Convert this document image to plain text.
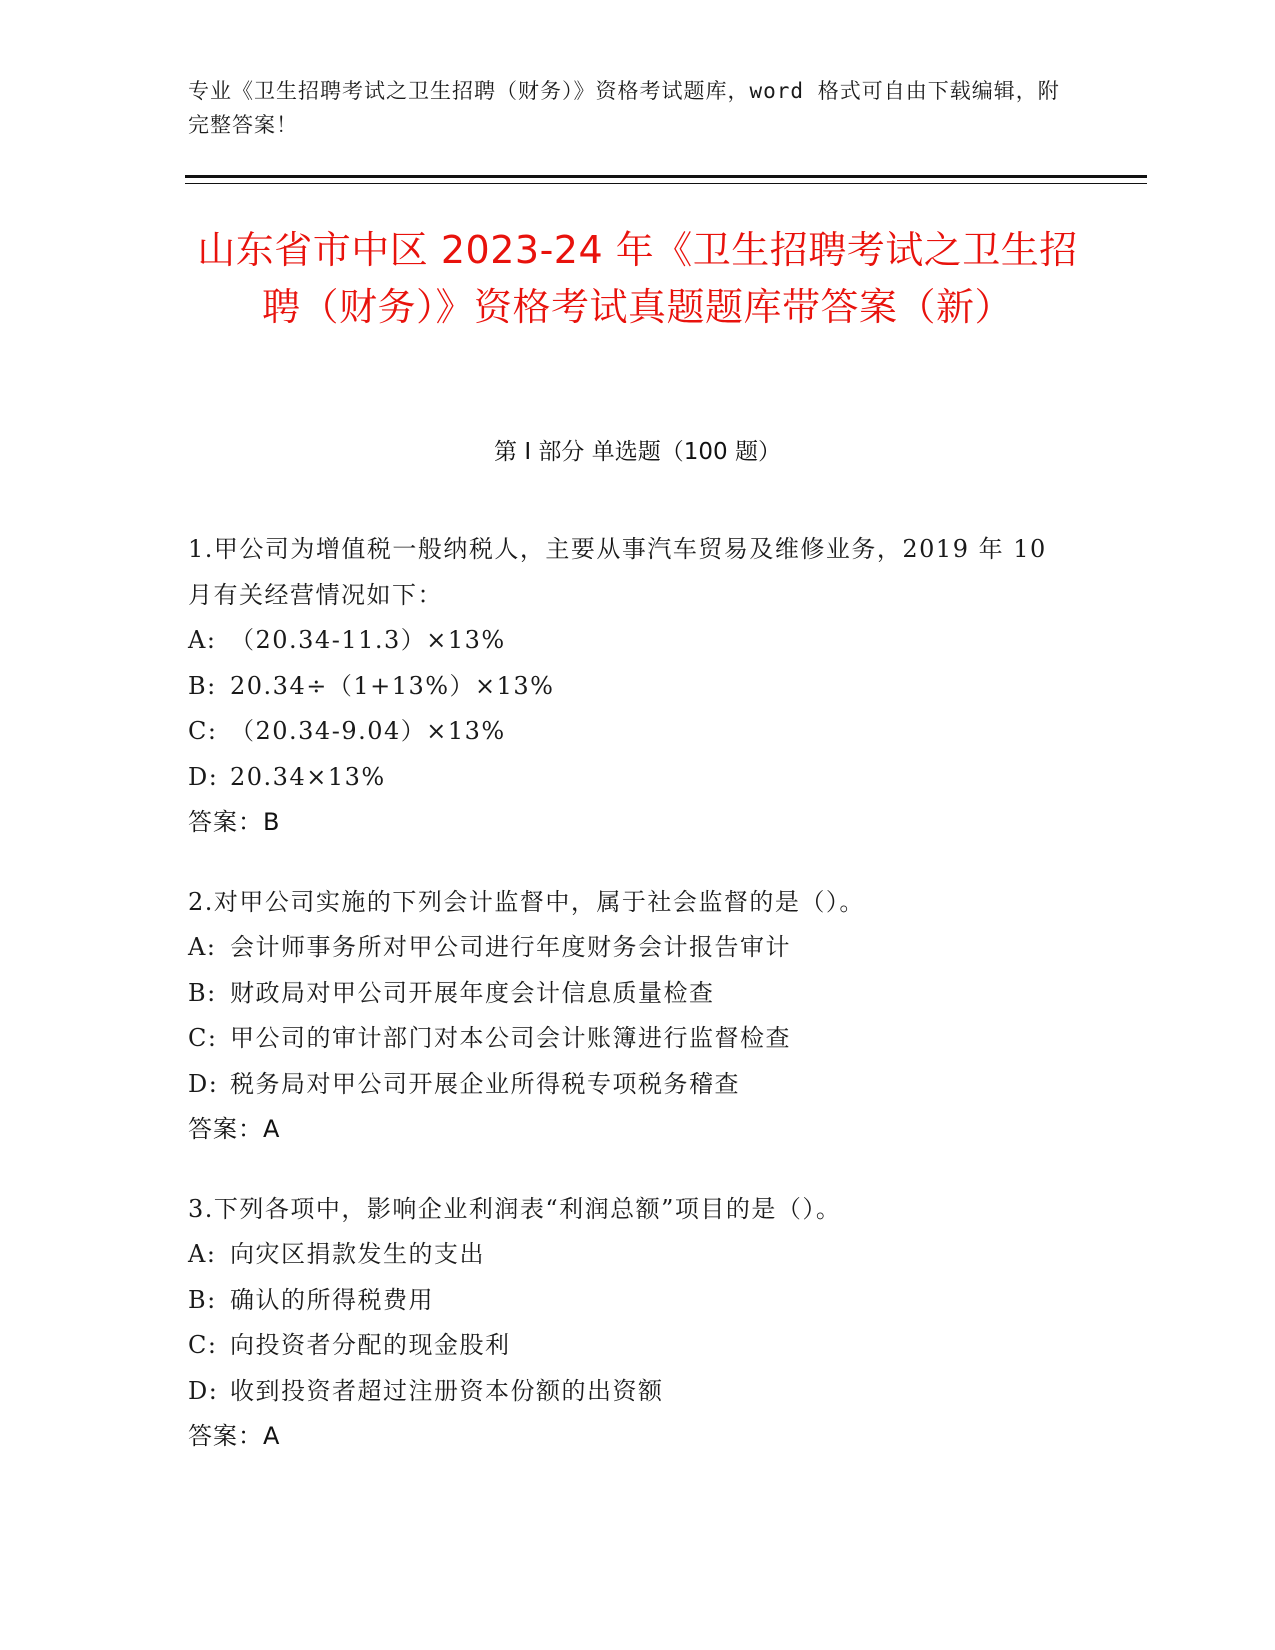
专业《卫生招聘考试之卫生招聘（财务）》资格考试题库，word 格式可自由下载编辑，附完整答案！
山东省市中区 2023-24 年《卫生招聘考试之卫生招聘（财务）》资格考试真题题库带答案（新）
第 I 部分 单选题（100 题）
1.甲公司为增值税一般纳税人，主要从事汽车贸易及维修业务，2019 年 10 月有关经营情况如下：
A: （20.34-11.3）×13%
B: 20.34÷（1+13%）×13%
C: （20.34-9.04）×13%
D: 20.34×13%
答案：B
2.对甲公司实施的下列会计监督中，属于社会监督的是（）。
A: 会计师事务所对甲公司进行年度财务会计报告审计
B: 财政局对甲公司开展年度会计信息质量检查
C: 甲公司的审计部门对本公司会计账簿进行监督检查
D: 税务局对甲公司开展企业所得税专项税务稽查
答案：A
3.下列各项中，影响企业利润表“利润总额”项目的是（）。
A: 向灾区捐款发生的支出
B: 确认的所得税费用
C: 向投资者分配的现金股利
D: 收到投资者超过注册资本份额的出资额
答案：A
